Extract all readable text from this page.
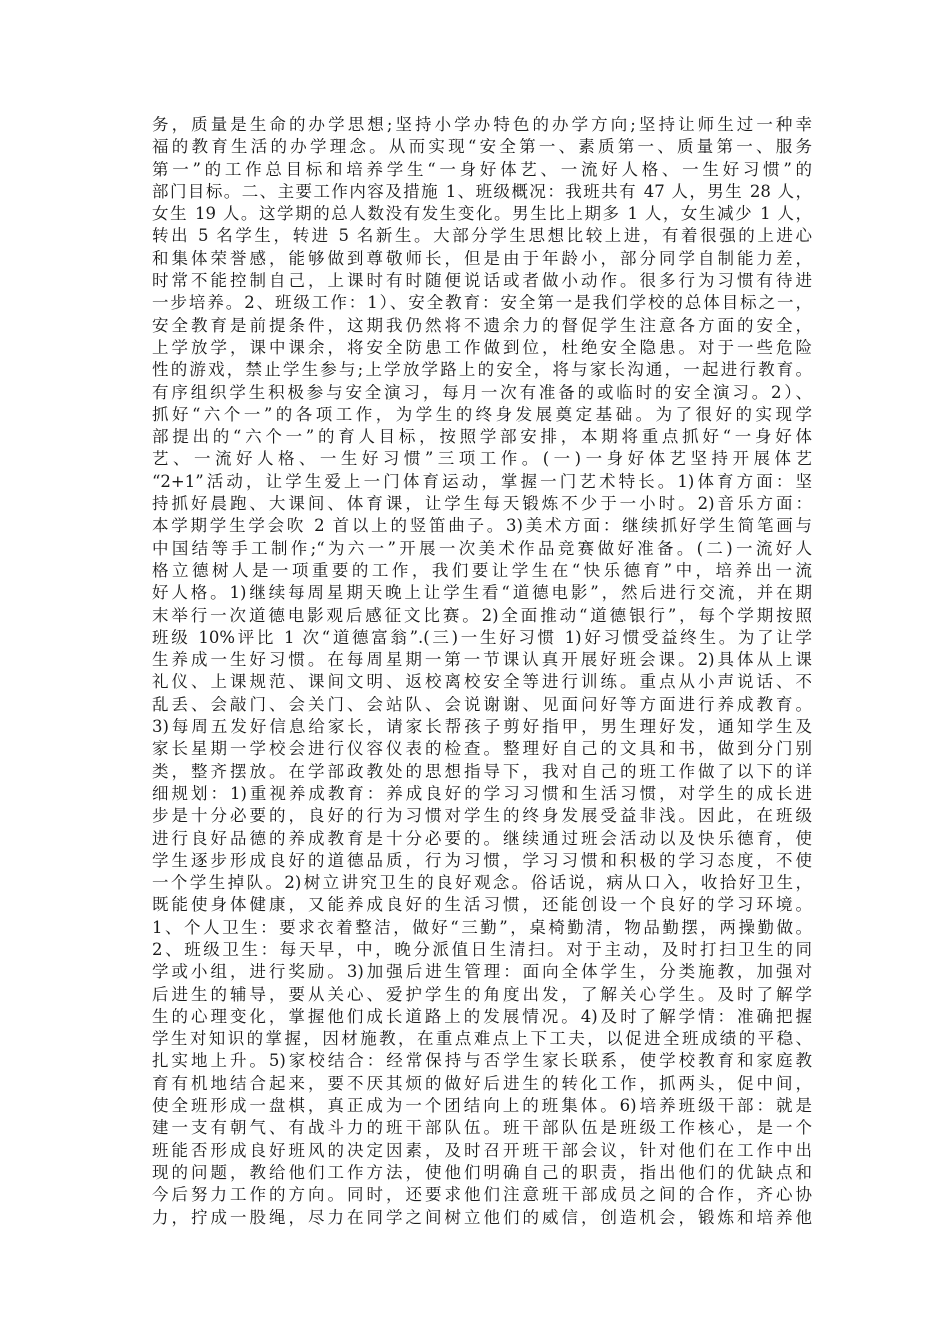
务，质量是生命的办学思想;坚持小学办特色的办学方向;坚持让师生过一种幸
福的教育生活的办学理念。从而实现“安全第一、素质第一、质量第一、服务
第一”的工作总目标和培养学生“一身好体艺、一流好人格、一生好习惯”的
部门目标。二、主要工作内容及措施 1、班级概况：我班共有 47 人，男生 28 人，
女生 19 人。这学期的总人数没有发生变化。男生比上期多 1 人，女生减少 1 人，
转出 5 名学生，转进 5 名新生。大部分学生思想比较上进，有着很强的上进心
和集体荣誉感，能够做到尊敬师长，但是由于年龄小，部分同学自制能力差，
时常不能控制自己，上课时有时随便说话或者做小动作。很多行为习惯有待进
一步培养。2、班级工作：1）、安全教育：安全第一是我们学校的总体目标之一，
安全教育是前提条件，这期我仍然将不遗余力的督促学生注意各方面的安全，
上学放学，课中课余，将安全防患工作做到位，杜绝安全隐患。对于一些危险
性的游戏，禁止学生参与;上学放学路上的安全，将与家长沟通，一起进行教育。
有序组织学生积极参与安全演习，每月一次有准备的或临时的安全演习。2）、
抓好“六个一”的各项工作，为学生的终身发展奠定基础。为了很好的实现学
部提出的“六个一”的育人目标，按照学部安排，本期将重点抓好“一身好体
艺、一流好人格、一生好习惯”三项工作。(一)一身好体艺坚持开展体艺
“2+1”活动，让学生爱上一门体育运动，掌握一门艺术特长。1)体育方面：坚
持抓好晨跑、大课间、体育课，让学生每天锻炼不少于一小时。2)音乐方面：
本学期学生学会吹 2 首以上的竖笛曲子。3)美术方面：继续抓好学生简笔画与
中国结等手工制作;“为六一”开展一次美术作品竞赛做好准备。(二)一流好人
格立德树人是一项重要的工作，我们要让学生在“快乐德育”中，培养出一流
好人格。1)继续每周星期天晚上让学生看“道德电影”，然后进行交流，并在期
末举行一次道德电影观后感征文比赛。2)全面推动“道德银行”，每个学期按照
班级 10%评比 1 次“道德富翁”.(三)一生好习惯 1)好习惯受益终生。为了让学
生养成一生好习惯。在每周星期一第一节课认真开展好班会课。2)具体从上课
礼仪、上课规范、课间文明、返校离校安全等进行训练。重点从小声说话、不
乱丢、会敲门、会关门、会站队、会说谢谢、见面问好等方面进行养成教育。
3)每周五发好信息给家长，请家长帮孩子剪好指甲，男生理好发，通知学生及
家长星期一学校会进行仪容仪表的检查。整理好自己的文具和书，做到分门别
类，整齐摆放。在学部政教处的思想指导下，我对自己的班工作做了以下的详
细规划：1)重视养成教育：养成良好的学习习惯和生活习惯，对学生的成长进
步是十分必要的，良好的行为习惯对学生的终身发展受益非浅。因此，在班级
进行良好品德的养成教育是十分必要的。继续通过班会活动以及快乐德育，使
学生逐步形成良好的道德品质，行为习惯，学习习惯和积极的学习态度，不使
一个学生掉队。2)树立讲究卫生的良好观念。俗话说，病从口入，收拾好卫生，
既能使身体健康，又能养成良好的生活习惯，还能创设一个良好的学习环境。
1、个人卫生：要求衣着整洁，做好“三勤”，桌椅勤清，物品勤摆，两操勤做。
2、班级卫生：每天早，中，晚分派值日生清扫。对于主动，及时打扫卫生的同
学或小组，进行奖励。3)加强后进生管理：面向全体学生，分类施教，加强对
后进生的辅导，要从关心、爱护学生的角度出发，了解关心学生。及时了解学
生的心理变化，掌握他们成长道路上的发展情况。4)及时了解学情：准确把握
学生对知识的掌握，因材施教，在重点难点上下工夫，以促进全班成绩的平稳、
扎实地上升。5)家校结合：经常保持与否学生家长联系，使学校教育和家庭教
育有机地结合起来，要不厌其烦的做好后进生的转化工作，抓两头，促中间，
使全班形成一盘棋，真正成为一个团结向上的班集体。6)培养班级干部：就是
建一支有朝气、有战斗力的班干部队伍。班干部队伍是班级工作核心，是一个
班能否形成良好班风的决定因素，及时召开班干部会议，针对他们在工作中出
现的问题，教给他们工作方法，使他们明确自己的职责，指出他们的优缺点和
今后努力工作的方向。同时，还要求他们注意班干部成员之间的合作，齐心协
力，拧成一股绳，尽力在同学之间树立他们的威信，创造机会，锻炼和培养他
